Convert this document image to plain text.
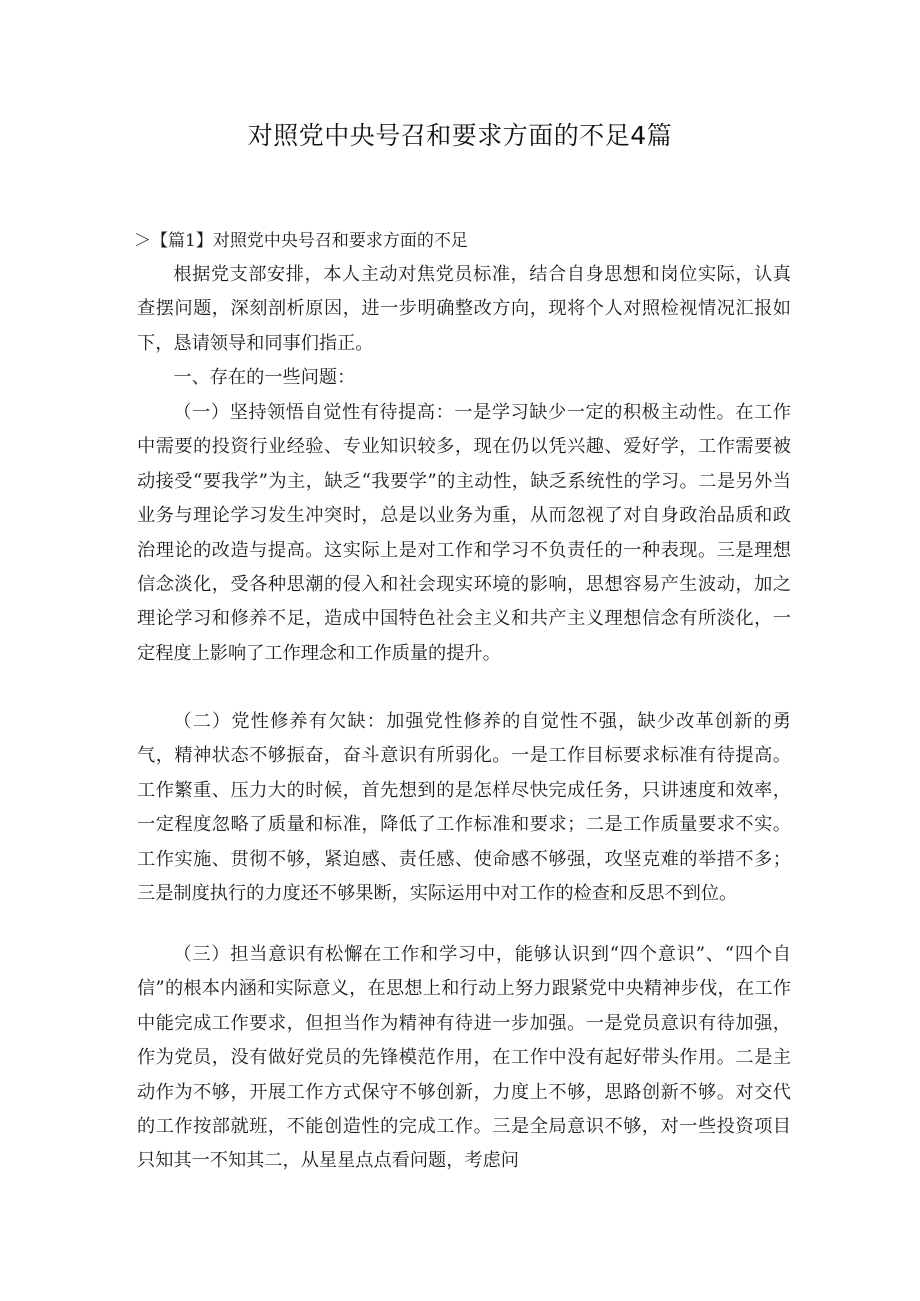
对照党中央号召和要求方面的不足4篇
＞【篇1】对照党中央号召和要求方面的不足

根据党支部安排，本人主动对焦党员标准，结合自身思想和岗位实际，认真查摆问题，深刻剖析原因，进一步明确整改方向，现将个人对照检视情况汇报如下，恳请领导和同事们指正。

一、存在的一些问题：

（一）坚持领悟自觉性有待提高：一是学习缺少一定的积极主动性。在工作中需要的投资行业经验、专业知识较多，现在仍以凭兴趣、爱好学，工作需要被动接受“要我学”为主，缺乏“我要学”的主动性，缺乏系统性的学习。二是另外当业务与理论学习发生冲突时，总是以业务为重，从而忽视了对自身政治品质和政治理论的改造与提高。这实际上是对工作和学习不负责任的一种表现。三是理想信念淡化，受各种思潮的侵入和社会现实环境的影响，思想容易产生波动，加之理论学习和修养不足，造成中国特色社会主义和共产主义理想信念有所淡化，一定程度上影响了工作理念和工作质量的提升。

（二）党性修养有欠缺：加强党性修养的自觉性不强，缺少改革创新的勇气，精神状态不够振奋，奋斗意识有所弱化。一是工作目标要求标准有待提高。工作繁重、压力大的时候，首先想到的是怎样尽快完成任务，只讲速度和效率，一定程度忽略了质量和标准，降低了工作标准和要求；二是工作质量要求不实。工作实施、贯彻不够，紧迫感、责任感、使命感不够强，攻坚克难的举措不多；三是制度执行的力度还不够果断，实际运用中对工作的检查和反思不到位。

（三）担当意识有松懈在工作和学习中，能够认识到“四个意识”、“四个自信”的根本内涵和实际意义，在思想上和行动上努力跟紧党中央精神步伐，在工作中能完成工作要求，但担当作为精神有待进一步加强。一是党员意识有待加强，作为党员，没有做好党员的先锋模范作用，在工作中没有起好带头作用。二是主动作为不够，开展工作方式保守不够创新，力度上不够，思路创新不够。对交代的工作按部就班，不能创造性的完成工作。三是全局意识不够，对一些投资项目只知其一不知其二，从星星点点看问题，考虑问
